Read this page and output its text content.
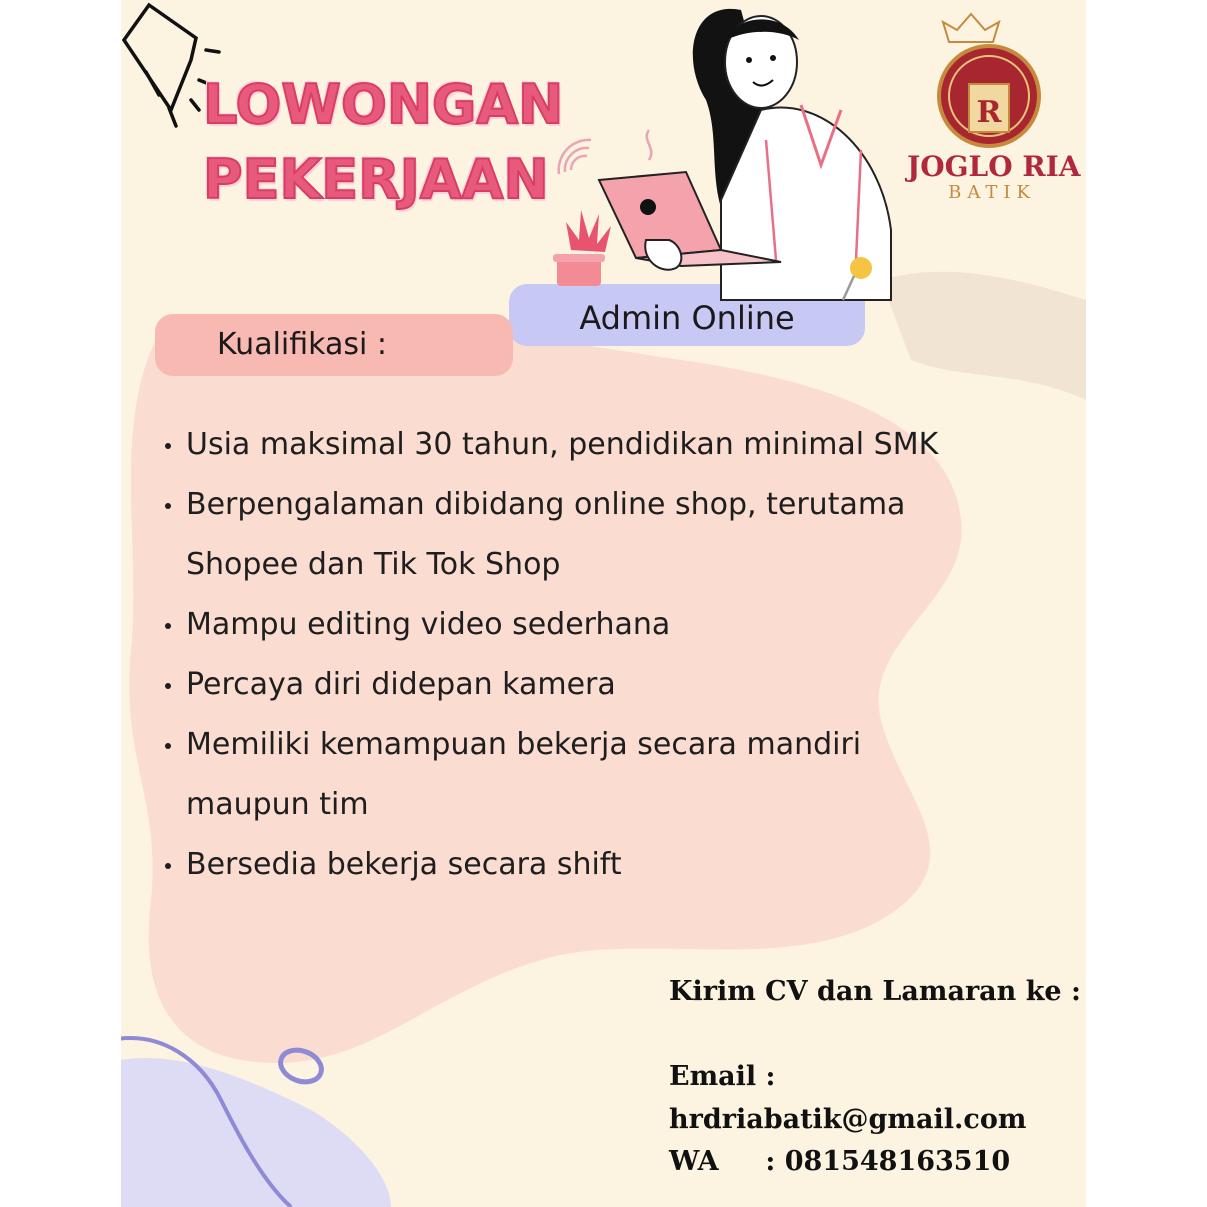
R
LOWONGAN
PEKERJAAN	JOGLO RIA
BATIK
Admin Online
Kualifikasi :
Usia maksimal 30 tahun, pendidikan minimal SMK
Berpengalaman dibidang online shop, terutama Shopee dan Tik Tok Shop
Mampu editing video sederhana
Percaya diri didepan kamera
Memiliki kemampuan bekerja secara mandiri maupun tim
Bersedia bekerja secara shift
Kirim CV dan Lamaran ke :
Email :
hrdriabatik@gmail.com
WA : 081548163510
